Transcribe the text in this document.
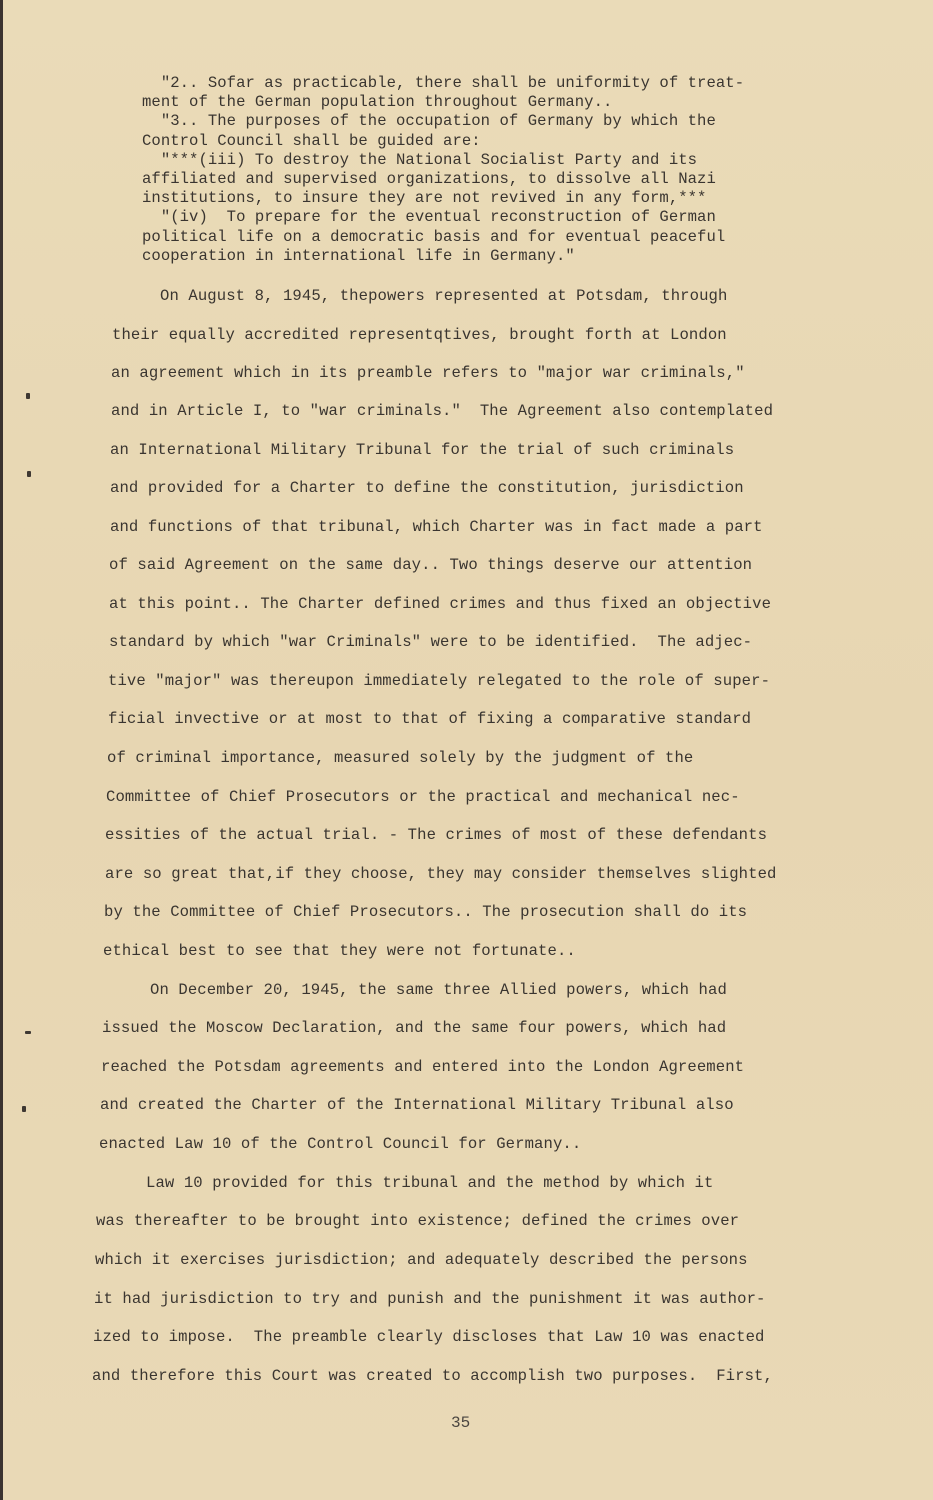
"2.. Sofar as practicable, there shall be uniformity of treat-
ment of the German population throughout Germany..
"3.. The purposes of the occupation of Germany by which the
Control Council shall be guided are:
"***(iii) To destroy the National Socialist Party and its
affiliated and supervised organizations, to dissolve all Nazi
institutions, to insure they are not revived in any form,***
"(iv)  To prepare for the eventual reconstruction of German
political life on a democratic basis and for eventual peaceful
cooperation in international life in Germany."
On August 8, 1945, thepowers represented at Potsdam, through
their equally accredited representqtives, brought forth at London
an agreement which in its preamble refers to "major war criminals,"
and in Article I, to "war criminals."  The Agreement also contemplated
an International Military Tribunal for the trial of such criminals
and provided for a Charter to define the constitution, jurisdiction
and functions of that tribunal, which Charter was in fact made a part
of said Agreement on the same day.. Two things deserve our attention
at this point.. The Charter defined crimes and thus fixed an objective
standard by which "war Criminals" were to be identified.  The adjec-
tive "major" was thereupon immediately relegated to the role of super-
ficial invective or at most to that of fixing a comparative standard
of criminal importance, measured solely by the judgment of the
Committee of Chief Prosecutors or the practical and mechanical nec-
essities of the actual trial. - The crimes of most of these defendants
are so great that,if they choose, they may consider themselves slighted
by the Committee of Chief Prosecutors.. The prosecution shall do its
ethical best to see that they were not fortunate..
On December 20, 1945, the same three Allied powers, which had
issued the Moscow Declaration, and the same four powers, which had
reached the Potsdam agreements and entered into the London Agreement
and created the Charter of the International Military Tribunal also
enacted Law 10 of the Control Council for Germany..
Law 10 provided for this tribunal and the method by which it
was thereafter to be brought into existence; defined the crimes over
which it exercises jurisdiction; and adequately described the persons
it had jurisdiction to try and punish and the punishment it was author-
ized to impose.  The preamble clearly discloses that Law 10 was enacted
and therefore this Court was created to accomplish two purposes.  First,
35
